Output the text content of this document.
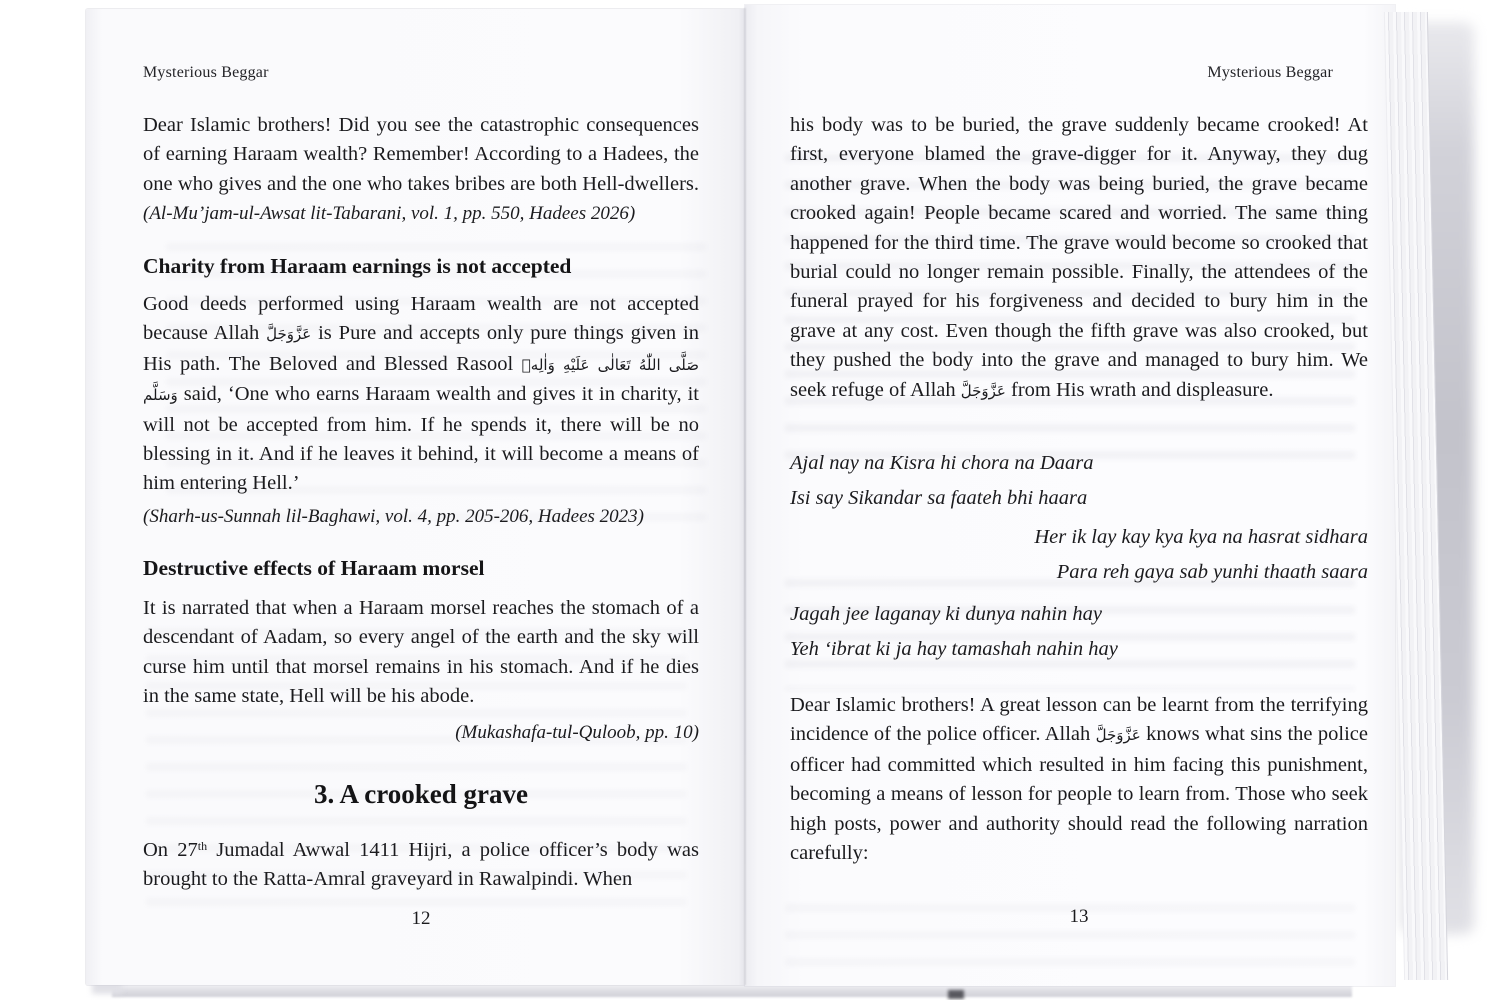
Mysterious Beggar

Dear Islamic brothers! Did you see the catastrophic consequences of earning Haraam wealth? Remember! According to a Hadees, the one who gives and the one who takes bribes are both Hell-dwellers. (Al-Mu’jam-ul-Awsat lit-Tabarani, vol. 1, pp. 550, Hadees 2026)

Charity from Haraam earnings is not accepted

Good deeds performed using Haraam wealth are not accepted because Allah عَزَّوَجَلَّ is Pure and accepts only pure things given in His path. The Beloved and Blessed Rasool صَلَّى اللّٰهُ تَعَالٰى عَلَيْهِ وَاٰلِهٖ وَسَلَّم said, ‘One who earns Haraam wealth and gives it in charity, it will not be accepted from him. If he spends it, there will be no blessing in it. And if he leaves it behind, it will become a means of him entering Hell.’

(Sharh-us-Sunnah lil-Baghawi, vol. 4, pp. 205-206, Hadees 2023)

Destructive effects of Haraam morsel

It is narrated that when a Haraam morsel reaches the stomach of a descendant of Aadam, so every angel of the earth and the sky will curse him until that morsel remains in his stomach. And if he dies in the same state, Hell will be his abode.

(Mukashafa-tul-Quloob, pp. 10)

3. A crooked grave

On 27th Jumadal Awwal 1411 Hijri, a police officer’s body was brought to the Ratta-Amral graveyard in Rawalpindi. When

12

Mysterious Beggar

his body was to be buried, the grave suddenly became crooked! At first, everyone blamed the grave-digger for it. Anyway, they dug another grave. When the body was being buried, the grave became crooked again! People became scared and worried. The same thing happened for the third time. The grave would become so crooked that burial could no longer remain possible. Finally, the attendees of the funeral prayed for his forgiveness and decided to bury him in the grave at any cost. Even though the fifth grave was also crooked, but they pushed the body into the grave and managed to bury him. We seek refuge of Allah عَزَّوَجَلَّ from His wrath and displeasure.

Ajal nay na Kisra hi chora na Daara

Isi say Sikandar sa faateh bhi haara

Her ik lay kay kya kya na hasrat sidhara

Para reh gaya sab yunhi thaath saara

Jagah jee laganay ki dunya nahin hay

Yeh ‘ibrat ki ja hay tamashah nahin hay

Dear Islamic brothers! A great lesson can be learnt from the terrifying incidence of the police officer. Allah عَزَّوَجَلَّ knows what sins the police officer had committed which resulted in him facing this punishment, becoming a means of lesson for people to learn from. Those who seek high posts, power and authority should read the following narration carefully:

13
